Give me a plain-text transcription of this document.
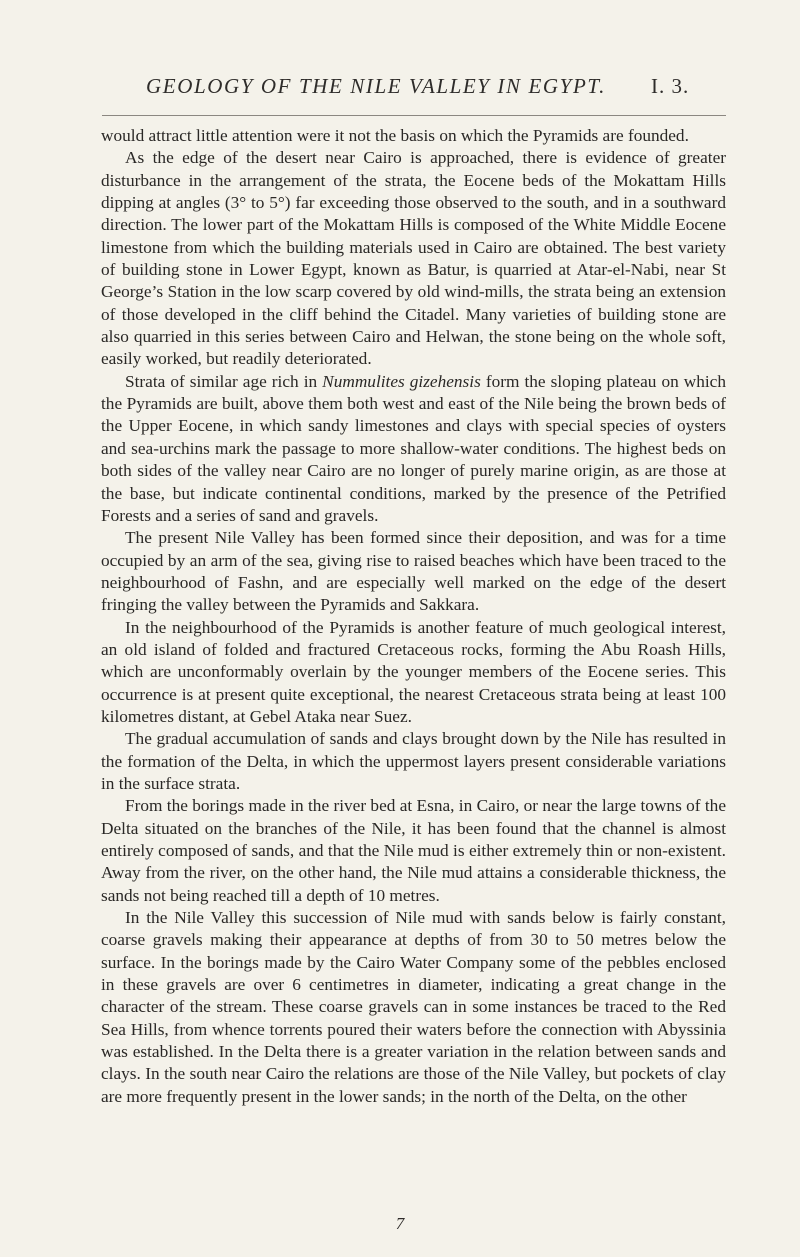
GEOLOGY OF THE NILE VALLEY IN EGYPT. I. 3.

would attract little attention were it not the basis on which the Pyramids are founded.

As the edge of the desert near Cairo is approached, there is evidence of greater disturbance in the arrangement of the strata, the Eocene beds of the Mokattam Hills dipping at angles (3° to 5°) far exceeding those observed to the south, and in a southward direction. The lower part of the Mokattam Hills is composed of the White Middle Eocene limestone from which the building materials used in Cairo are obtained. The best variety of building stone in Lower Egypt, known as Batur, is quarried at Atar-el-Nabi, near St George’s Station in the low scarp covered by old wind-mills, the strata being an extension of those developed in the cliff behind the Citadel. Many varieties of building stone are also quarried in this series between Cairo and Helwan, the stone being on the whole soft, easily worked, but readily deteriorated.

Strata of similar age rich in Nummulites gizehensis form the sloping plateau on which the Pyramids are built, above them both west and east of the Nile being the brown beds of the Upper Eocene, in which sandy limestones and clays with special species of oysters and sea-urchins mark the passage to more shallow-water conditions. The highest beds on both sides of the valley near Cairo are no longer of purely marine origin, as are those at the base, but indicate continental conditions, marked by the presence of the Petrified Forests and a series of sand and gravels.

The present Nile Valley has been formed since their deposition, and was for a time occupied by an arm of the sea, giving rise to raised beaches which have been traced to the neighbourhood of Fashn, and are especially well marked on the edge of the desert fringing the valley between the Pyramids and Sakkara.

In the neighbourhood of the Pyramids is another feature of much geological interest, an old island of folded and fractured Cretaceous rocks, forming the Abu Roash Hills, which are unconformably overlain by the younger members of the Eocene series. This occurrence is at present quite exceptional, the nearest Cretaceous strata being at least 100 kilometres distant, at Gebel Ataka near Suez.

The gradual accumulation of sands and clays brought down by the Nile has resulted in the formation of the Delta, in which the uppermost layers present considerable variations in the surface strata.

From the borings made in the river bed at Esna, in Cairo, or near the large towns of the Delta situated on the branches of the Nile, it has been found that the channel is almost entirely composed of sands, and that the Nile mud is either extremely thin or non-existent. Away from the river, on the other hand, the Nile mud attains a considerable thickness, the sands not being reached till a depth of 10 metres.

In the Nile Valley this succession of Nile mud with sands below is fairly constant, coarse gravels making their appearance at depths of from 30 to 50 metres below the surface. In the borings made by the Cairo Water Company some of the pebbles enclosed in these gravels are over 6 centimetres in diameter, indicating a great change in the character of the stream. These coarse gravels can in some instances be traced to the Red Sea Hills, from whence torrents poured their waters before the connection with Abyssinia was established. In the Delta there is a greater variation in the relation between sands and clays. In the south near Cairo the relations are those of the Nile Valley, but pockets of clay are more frequently present in the lower sands; in the north of the Delta, on the other

7
